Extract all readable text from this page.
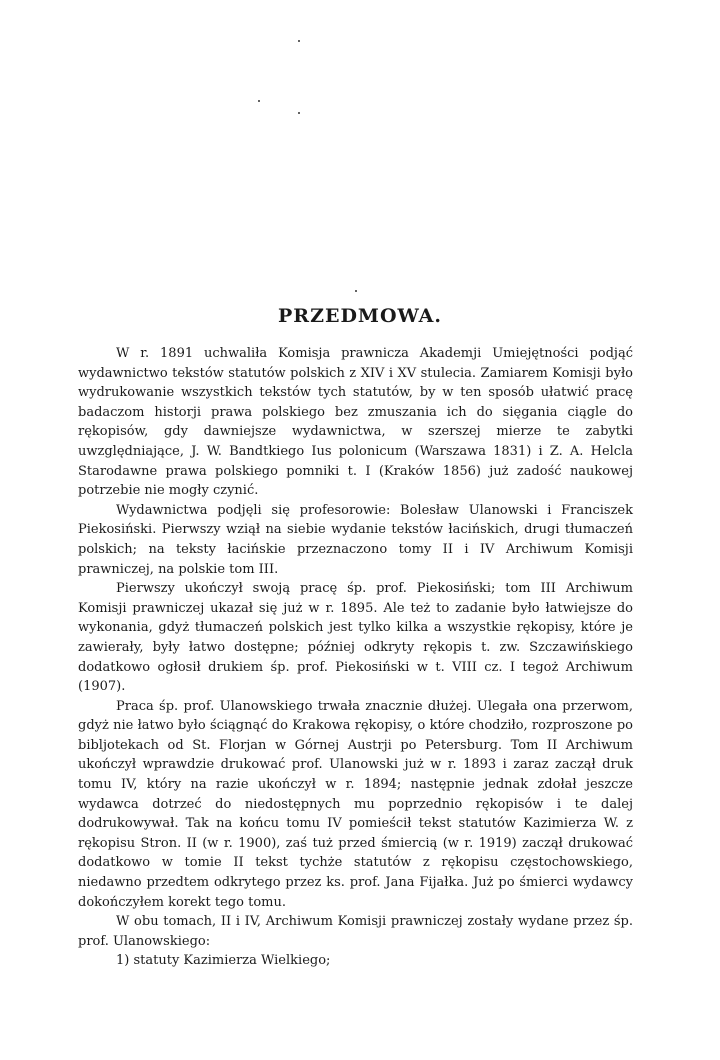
PRZEDMOWA.

W r. 1891 uchwaliła Komisja prawnicza Akademji Umiejętności podjąć wydawnictwo tekstów statutów polskich z XIV i XV stulecia. Zamiarem Komisji było wydrukowanie wszystkich tekstów tych statutów, by w ten sposób ułatwić pracę badaczom historji prawa polskiego bez zmuszania ich do sięgania ciągle do rękopisów, gdy dawniejsze wydawnictwa, w szerszej mierze te zabytki uwzględniające, J. W. Bandtkiego Ius polonicum (Warszawa 1831) i Z. A. Helcla Starodawne prawa polskiego pomniki t. I (Kraków 1856) już zadość naukowej potrzebie nie mogły czynić.

Wydawnictwa podjęli się profesorowie: Bolesław Ulanowski i Franciszek Piekosiński. Pierwszy wziął na siebie wydanie tekstów łacińskich, drugi tłumaczeń polskich; na teksty łacińskie przeznaczono tomy II i IV Archiwum Komisji prawniczej, na polskie tom III.

Pierwszy ukończył swoją pracę śp. prof. Piekosiński; tom III Archiwum Komisji prawniczej ukazał się już w r. 1895. Ale też to zadanie było łatwiejsze do wykonania, gdyż tłumaczeń polskich jest tylko kilka a wszystkie rękopisy, które je zawierały, były łatwo dostępne; później odkryty rękopis t. zw. Szczawińskiego dodatkowo ogłosił drukiem śp. prof. Piekosiński w t. VIII cz. I tegoż Archiwum (1907).

Praca śp. prof. Ulanowskiego trwała znacznie dłużej. Ulegała ona przerwom, gdyż nie łatwo było ściągnąć do Krakowa rękopisy, o które chodziło, rozproszone po bibljotekach od St. Florjan w Górnej Austrji po Petersburg. Tom II Archiwum ukończył wprawdzie drukować prof. Ulanowski już w r. 1893 i zaraz zaczął druk tomu IV, który na razie ukończył w r. 1894; następnie jednak zdołał jeszcze wydawca dotrzeć do niedostępnych mu poprzednio rękopisów i te dalej dodrukowywał. Tak na końcu tomu IV pomieścił tekst statutów Kazimierza W. z rękopisu Stron. II (w r. 1900), zaś tuż przed śmiercią (w r. 1919) zaczął drukować dodatkowo w tomie II tekst tychże statutów z rękopisu częstochowskiego, niedawno przedtem odkrytego przez ks. prof. Jana Fijałka. Już po śmierci wydawcy dokończyłem korekt tego tomu.

W obu tomach, II i IV, Archiwum Komisji prawniczej zostały wydane przez śp. prof. Ulanowskiego:

1) statuty Kazimierza Wielkiego;
